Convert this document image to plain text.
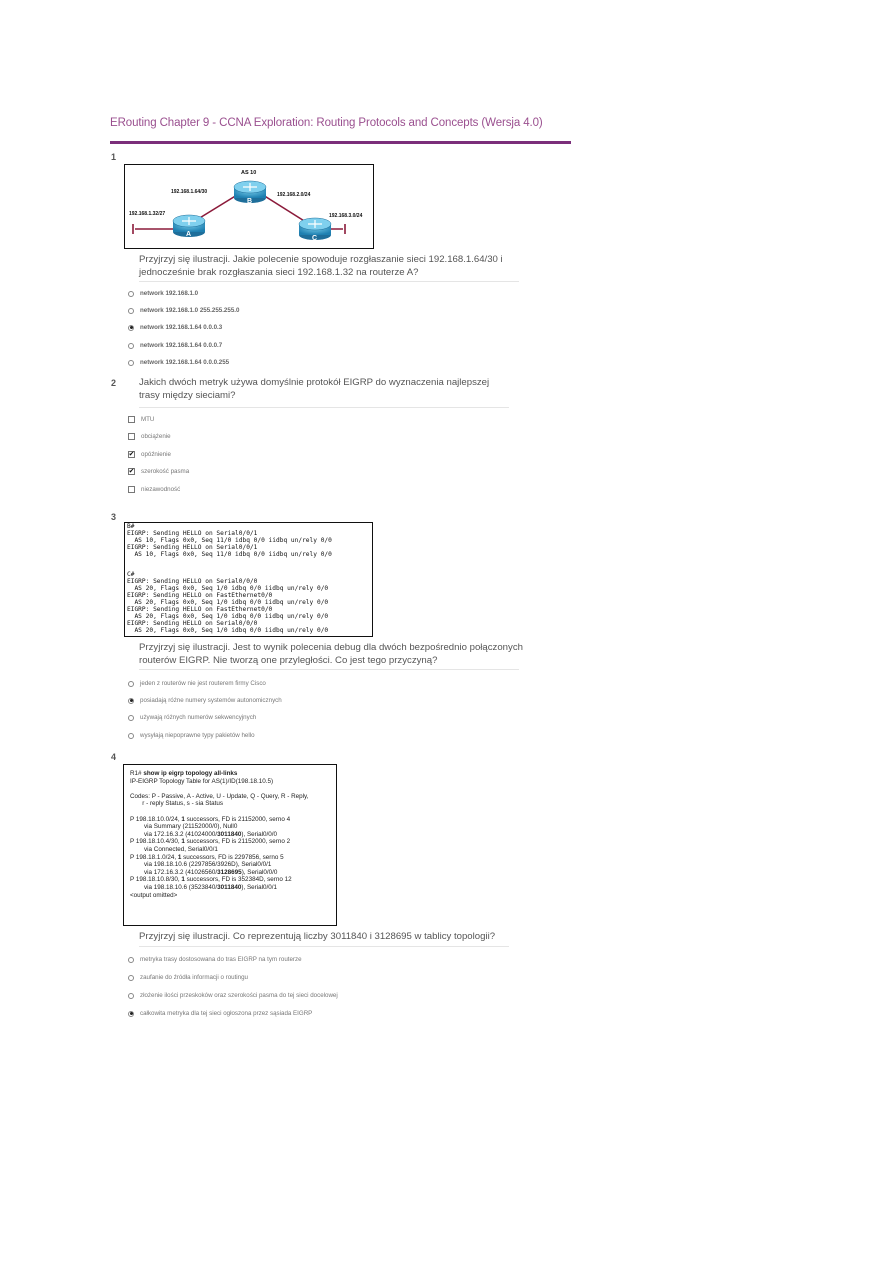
ERouting Chapter 9 - CCNA Exploration: Routing Protocols and Concepts (Wersja 4.0)
1
B
A
C
AS 10
192.168.1.64/30	192.168.2.0/24
192.168.1.32/27	192.168.3.0/24
Przyjrzyj się ilustracji. Jakie polecenie spowoduje rozgłaszanie sieci 192.168.1.64/30 i jednocześnie brak rozgłaszania sieci 192.168.1.32 na routerze A?
network 192.168.1.0
network 192.168.1.0 255.255.255.0
network 192.168.1.64 0.0.0.3
network 192.168.1.64 0.0.0.7
network 192.168.1.64 0.0.0.255
2 Jakich dwóch metryk używa domyślnie protokół EIGRP do wyznaczenia najlepszej trasy między sieciami?
MTU
obciążenie
✔ opóźnienie
✔ szerokość pasma
niezawodność
3
B#
EIGRP: Sending HELLO on Serial0/0/1
AS 10, Flags 0x0, Seq 11/0 idbq 0/0 iidbq un/rely 0/0
EIGRP: Sending HELLO on Serial0/0/1
AS 10, Flags 0x0, Seq 11/0 idbq 0/0 iidbq un/rely 0/0

C#
EIGRP: Sending HELLO on Serial0/0/0
AS 20, Flags 0x0, Seq 1/0 idbq 0/0 iidbq un/rely 0/0
EIGRP: Sending HELLO on FastEthernet0/0
AS 20, Flags 0x0, Seq 1/0 idbq 0/0 iidbq un/rely 0/0
EIGRP: Sending HELLO on FastEthernet0/0
AS 20, Flags 0x0, Seq 1/0 idbq 0/0 iidbq un/rely 0/0
EIGRP: Sending HELLO on Serial0/0/0
AS 20, Flags 0x0, Seq 1/0 idbq 0/0 iidbq un/rely 0/0
Przyjrzyj się ilustracji. Jest to wynik polecenia debug dla dwóch bezpośrednio połączonych routerów EIGRP. Nie tworzą one przyległości. Co jest tego przyczyną?
jeden z routerów nie jest routerem firmy Cisco
posiadają różne numery systemów autonomicznych
używają różnych numerów sekwencyjnych
wysyłają niepoprawne typy pakietów hello
4
R1# show ip eigrp topology all-links
IP-EIGRP Topology Table for AS(1)/ID(198.18.10.5)

Codes: P - Passive, A - Active, U - Update, Q - Query, R - Reply,
r - reply Status, s - sia Status

P 198.18.10.0/24, 1 successors, FD is 21152000, serno 4
via Summary (21152000/0), Null0
via 172.16.3.2 (41024000/3011840), Serial0/0/0
P 198.18.10.4/30, 1 successors, FD is 21152000, serno 2
via Connected, Serial0/0/1
P 198.18.1.0/24, 1 successors, FD is 2297856, serno 5
via 198.18.10.6 (2297856/3926D), Serial0/0/1
via 172.16.3.2 (41026560/3128695), Serial0/0/0
P 198.18.10.8/30, 1 successors, FD is 352384D, serno 12
via 198.18.10.6 (3523840/3011840), Serial0/0/1
<output omitted>
Przyjrzyj się ilustracji. Co reprezentują liczby 3011840 i 3128695 w tablicy topologii?
metryka trasy dostosowana do tras EIGRP na tym routerze
zaufanie do źródła informacji o routingu
złożenie ilości przeskoków oraz szerokości pasma do tej sieci docelowej
całkowita metryka dla tej sieci ogłoszona przez sąsiada EIGRP
